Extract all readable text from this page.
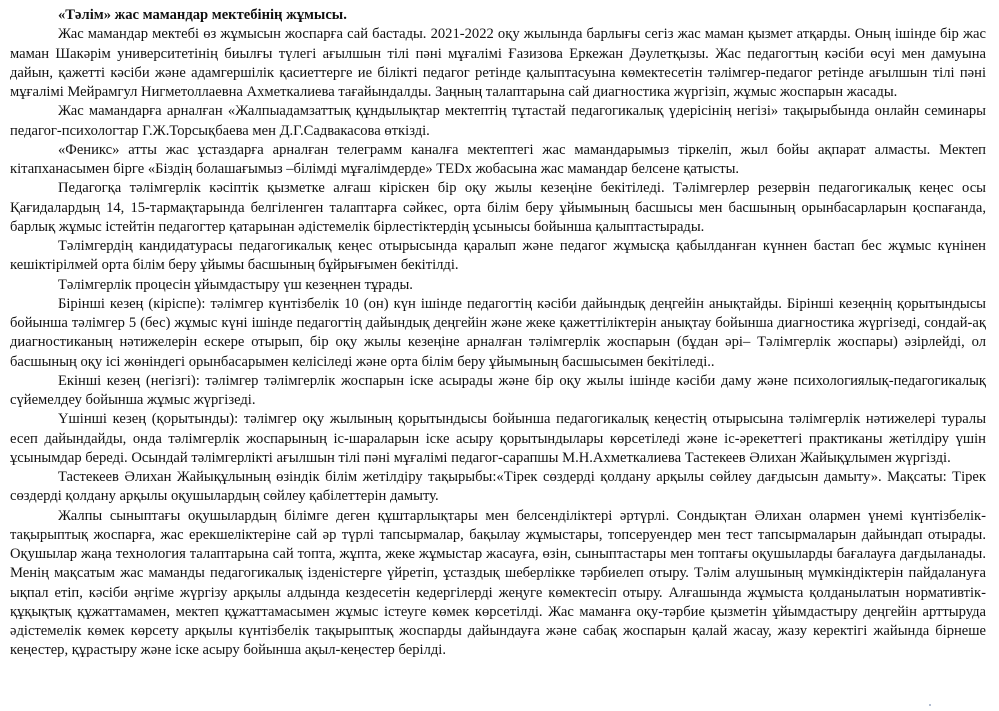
«Тәлім» жас мамандар мектебінің жұмысы.

Жас мамандар мектебі өз жұмысын жоспарға сай бастады. 2021-2022 оқу жылында барлығы сегіз жас маман қызмет атқарды. Оның ішінде бір жас маман Шакәрім университетінің биылғы түлегі ағылшын тілі пәні мұғалімі Ғазизова Еркежан Дәулетқызы. Жас педагогтың кәсіби өсуі мен дамуына дайын, қажетті кәсіби және адамгершілік қасиеттерге ие білікті педагог ретінде қалыптасуына көмектесетін тәлімгер-педагог ретінде ағылшын тілі пәні мұғалімі Мейрамгул Нигметоллаевна Ахметкалиева тағайындалды. Заңның талаптарына сай диагностика жүргізіп, жұмыс жоспарын жасады.

Жас мамандарға арналған «Жалпыадамзаттық құндылықтар мектептің тұтастай педагогикалық үдерісінің негізі» тақырыбында онлайн семинары педагог-психологтар Г.Ж.Торсықбаева мен Д.Г.Садвакасова өткізді.

«Феникс» атты жас ұстаздарға арналған телеграмм каналға мектептегі жас мамандарымыз тіркеліп, жыл бойы ақпарат алмасты. Мектеп кітапханасымен бірге «Біздің болашағымыз –білімді мұғалімдерде» TEDx жобасына жас мамандар белсене қатысты.

Педагогқа тәлімгерлік кәсіптік қызметке алғаш кіріскен бір оқу жылы кезеңіне бекітіледі. Тәлімгерлер резервін педагогикалық кеңес осы Қағидалардың 14, 15-тармақтарында белгіленген талаптарға сәйкес, орта білім беру ұйымының басшысы мен басшының орынбасарларын қоспағанда, барлық жұмыс істейтін педагогтер қатарынан әдістемелік бірлестіктердің ұсынысы бойынша қалыптастырады.

Тәлімгердің кандидатурасы педагогикалық кеңес отырысында қаралып және педагог жұмысқа қабылданған күннен бастап бес жұмыс күнінен кешіктірілмей орта білім беру ұйымы басшының бұйрығымен бекітілді.

Тәлімгерлік процесін ұйымдастыру үш кезеңнен тұрады.

Бірінші кезең (кіріспе): тәлімгер күнтізбелік 10 (он) күн ішінде педагогтің кәсіби дайындық деңгейін анықтайды. Бірінші кезеңнің қорытындысы бойынша тәлімгер 5 (бес) жұмыс күні ішінде педагогтің дайындық деңгейін және жеке қажеттіліктерін анықтау бойынша диагностика жүргізеді, сондай-ақ диагностиканың нәтижелерін ескере отырып, бір оқу жылы кезеңіне арналған тәлімгерлік жоспарын (бұдан әрі– Тәлімгерлік жоспары) әзірлейді, ол басшының оқу ісі жөніндегі орынбасарымен келісіледі және орта білім беру ұйымының басшысымен бекітіледі..

Екінші кезең (негізгі): тәлімгер тәлімгерлік жоспарын іске асырады және бір оқу жылы ішінде кәсіби даму және психологиялық-педагогикалық сүйемелдеу бойынша жұмыс жүргізеді.

Үшінші кезең (қорытынды): тәлімгер оқу жылының қорытындысы бойынша педагогикалық кеңестің отырысына тәлімгерлік нәтижелері туралы есеп дайындайды, онда тәлімгерлік жоспарының іс-шараларын іске асыру қорытындылары көрсетіледі және іс-әрекеттегі практиканы жетілдіру үшін ұсынымдар береді. Осындай тәлімгерлікті ағылшын тілі пәні мұғалімі педагог-сарапшы М.Н.Ахметкалиева Тастекеев Әлихан Жайықұлымен жүргізді.

Тастекеев Әлихан Жайықұлының өзіндік білім жетілдіру тақырыбы:«Тірек сөздерді қолдану арқылы сөйлеу дағдысын дамыту». Мақсаты: Тірек сөздерді қолдану арқылы оқушылардың сөйлеу қабілеттерін дамыту.

Жалпы сыныптағы оқушылардың білімге деген құштарлықтары мен белсенділіктері әртүрлі. Сондықтан Әлихан олармен үнемі күнтізбелік-тақырыптық жоспарға, жас ерекшеліктеріне сай әр түрлі тапсырмалар, бақылау жұмыстары, топсеруендер мен тест тапсырмаларын дайындап отырады. Оқушылар жаңа технология талаптарына сай топта, жұпта, жеке жұмыстар жасауға, өзін, сыныптастары мен топтағы оқушыларды бағалауға дағдыланады. Менің мақсатым жас маманды педагогикалық ізденістерге үйретіп, ұстаздық шеберлікке тәрбиелеп отыру. Тәлім алушының мүмкіндіктерін пайдалануға ықпал етіп, кәсіби әңгіме жүргізу арқылы алдында кездесетін кедергілерді жеңуге көмектесіп отыру. Алғашында жұмыста қолданылатын нормативтік-құқықтық құжаттамамен, мектеп құжаттамасымен жұмыс істеуге көмек көрсетілді. Жас маманға оқу-тәрбие қызметін ұйымдастыру деңгейін арттыруда әдістемелік көмек көрсету арқылы күнтізбелік тақырыптық жоспарды дайындауға және сабақ жоспарын қалай жасау, жазу керектігі жайында бірнеше кеңестер, құрастыру және іске асыру бойынша ақыл-кеңестер берілді.
